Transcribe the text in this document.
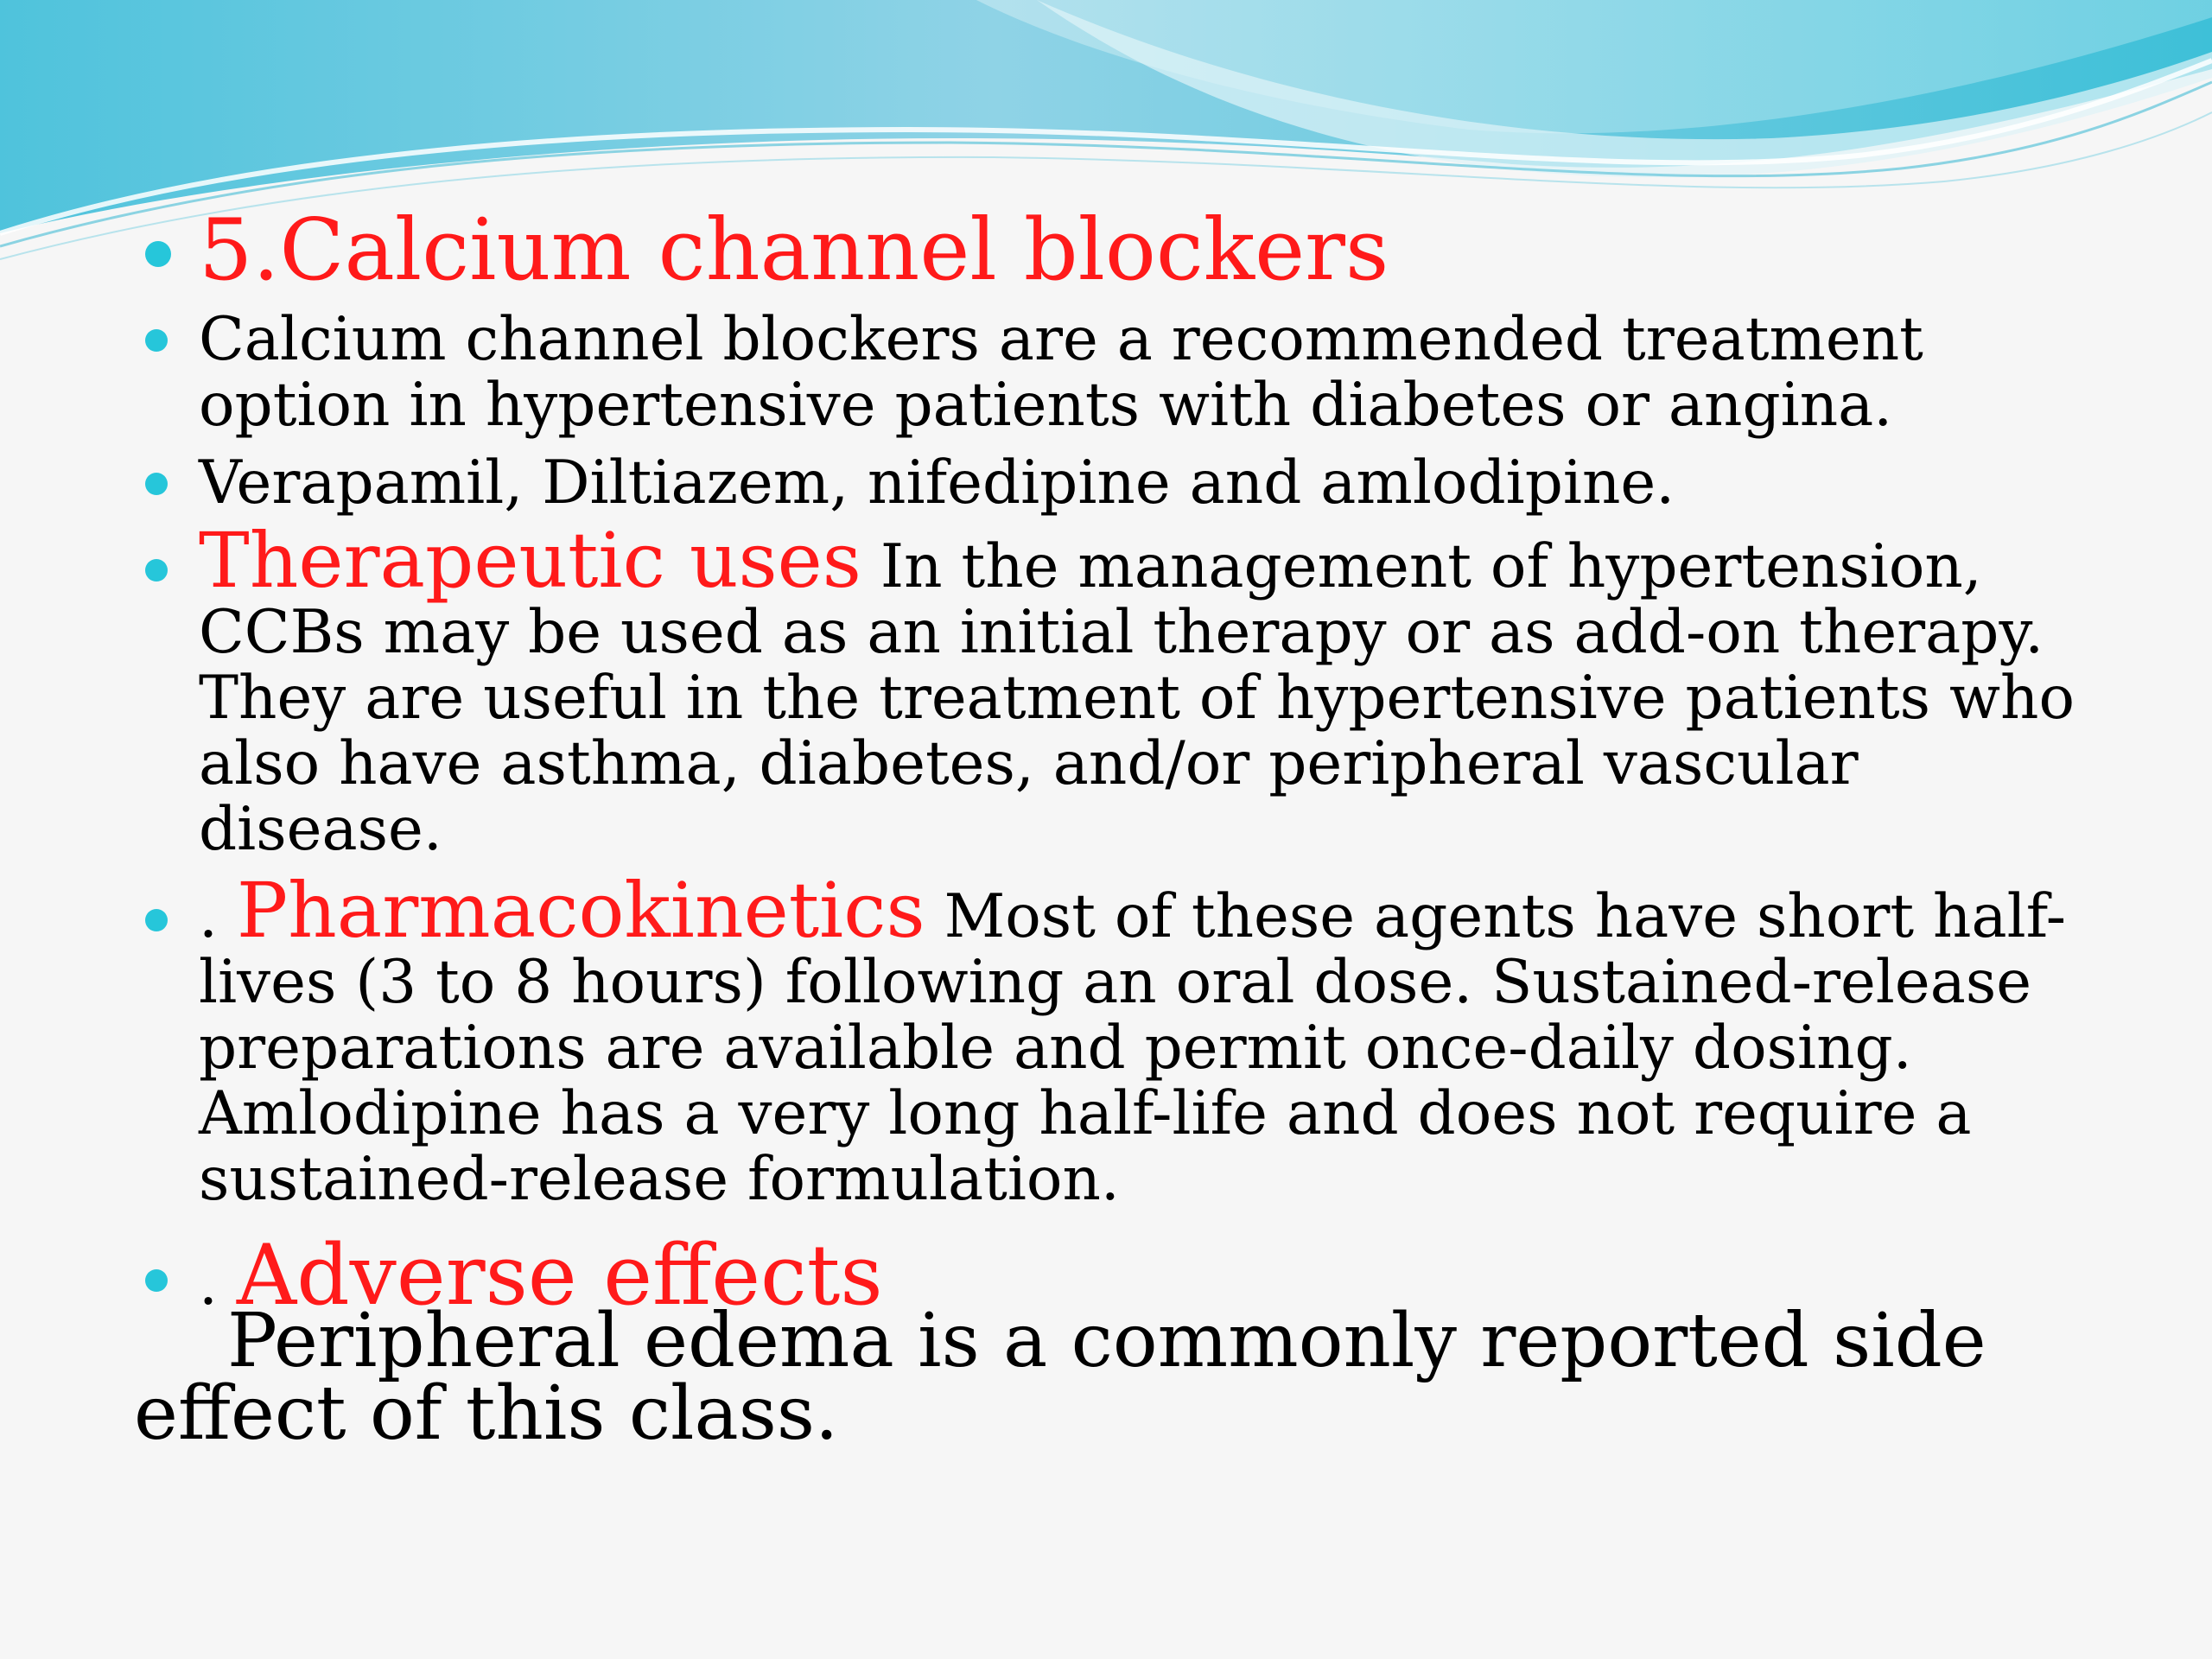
5.Calcium channel blockers
Calcium channel blockers are a recommended treatment option in hypertensive patients with diabetes or angina.
Verapamil, Diltiazem, nifedipine and amlodipine.
Therapeutic uses In the management of hypertension, CCBs may be used as an initial therapy or as add-on therapy. They are useful in the treatment of hypertensive patients who also have asthma, diabetes, and/or peripheral vascular disease.
. Pharmacokinetics Most of these agents have short half-lives (3 to 8 hours) following an oral dose. Sustained-release preparations are available and permit once-daily dosing. Amlodipine has a very long half-life and does not require a sustained-release formulation.
. Adverse effects

Peripheral edema is a commonly reported side effect of this class.
